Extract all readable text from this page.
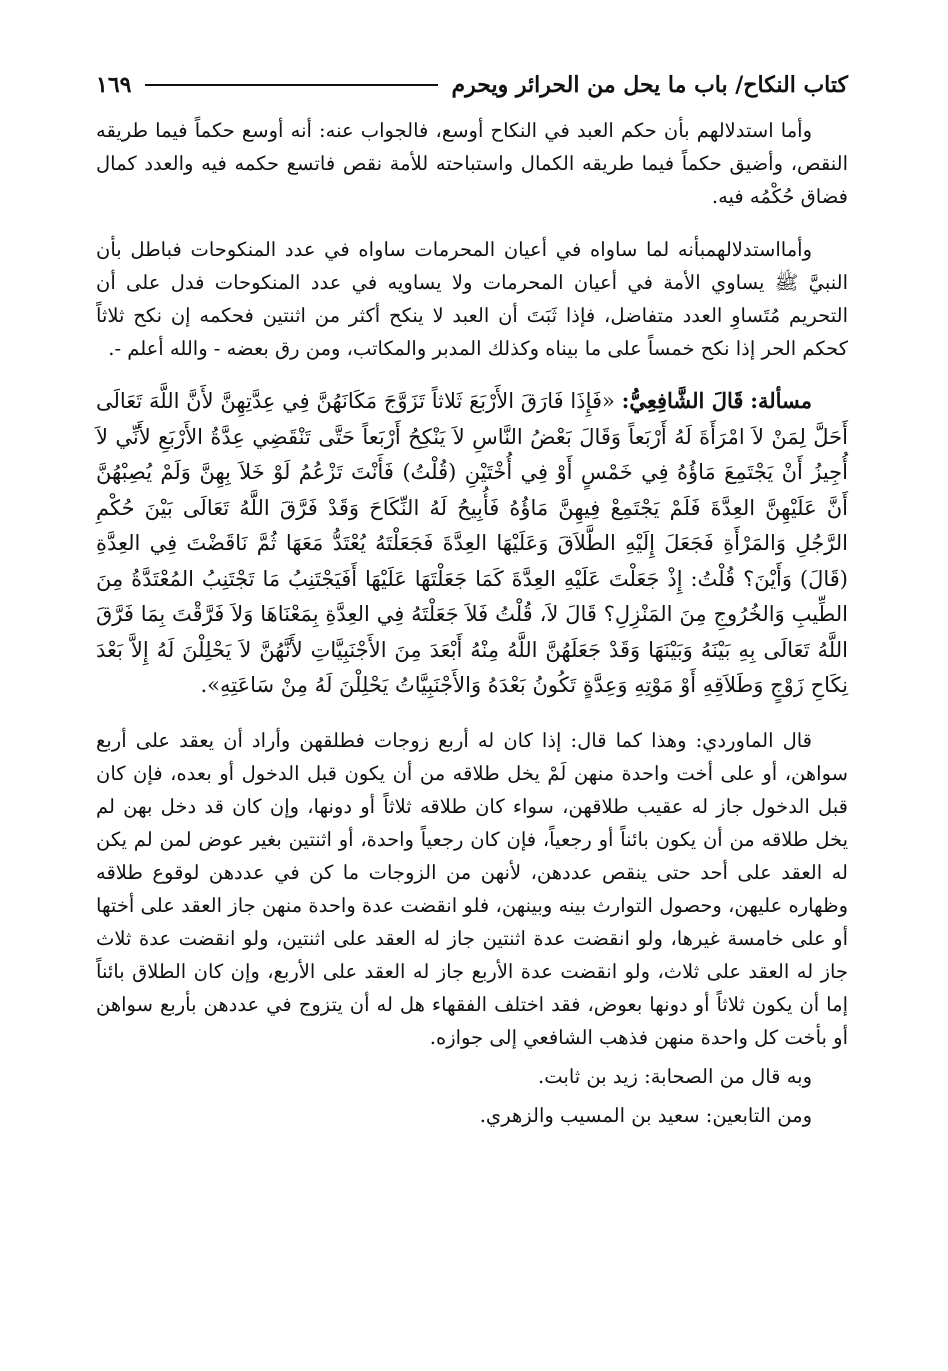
كتاب النكاح/ باب ما يحل من الحرائر ويحرم
١٦٩

وأما استدلالهم بأن حكم العبد في النكاح أوسع، فالجواب عنه: أنه أوسع حكماً فيما طريقه النقص، وأضيق حكماً فيما طريقه الكمال واستباحته للأمة نقص فاتسع حكمه فيه والعدد كمال فضاق حُكْمُه فيه.

وأمااستدلالهمبأنه لما ساواه في أعيان المحرمات ساواه في عدد المنكوحات فباطل بأن النبيَّ ﷺ يساوي الأمة في أعيان المحرمات ولا يساويه في عدد المنكوحات فدل على أن التحريم مُتَساوِ العدد متفاضل، فإذا ثَبَتَ أن العبد لا ينكح أكثر من اثنتين فحكمه إن نكح ثلاثاً كحكم الحر إذا نكح خمساً على ما بيناه وكذلك المدبر والمكاتب، ومن رق بعضه - والله أعلم -.

مسألة: قَالَ الشَّافِعِيُّ: «فَإِذَا فَارَقَ الأَرْبَعَ ثَلاثاً تَزَوَّجَ مَكَانَهُنَّ فِي عِدَّتِهِنَّ لأَنَّ اللَّهَ تَعَالَى أَحَلَّ لِمَنْ لاَ امْرَأَةَ لَهُ أَرْبَعاً وَقَالَ بَعْضُ النَّاسِ لاَ يَنْكِحُ أَرْبَعاً حَتَّى تَنْقَضِي عِدَّةُ الأَرْبَعِ لأَنِّي لاَ أُجِيزُ أَنْ يَجْتَمِعَ مَاؤُهُ فِي خَمْسٍ أَوْ فِي أُخْتَيْنِ (قُلْتُ) فَأَنْتَ تَزْعُمُ لَوْ خَلاَ بِهِنَّ وَلَمْ يُصِبْهُنَّ أَنَّ عَلَيْهِنَّ العِدَّةَ فَلَمْ يَجْتَمِعْ فِيهِنَّ مَاؤُهُ فَأُبِيحُ لَهُ النِّكَاحَ وَقَدْ فَرَّقَ اللَّهُ تَعَالَى بَيْنَ حُكْمِ الرَّجُلِ وَالمَرْأَةِ فَجَعَلَ إِلَيْهِ الطَّلاَقَ وَعَلَيْهَا العِدَّةَ فَجَعَلْتَهُ يُعْتَدُّ مَعَهَا ثُمَّ نَاقَضْتَ فِي العِدَّةِ (قَالَ) وَأَيْنَ؟ قُلْتُ: إِذْ جَعَلْتَ عَلَيْهِ العِدَّةَ كَمَا جَعَلْتَهَا عَلَيْهَا أَفَيَجْتَنِبُ مَا تَجْتَنِبُ المُعْتَدَّةُ مِنَ الطِّيبِ وَالخُرُوجِ مِنَ المَنْزِلِ؟ قَالَ لاَ، قُلْتُ فَلاَ جَعَلْتَهُ فِي العِدَّةِ بِمَعْنَاهَا وَلاَ فَرَّقْتَ بِمَا فَرَّقَ اللَّهُ تَعَالَى بِهِ بَيْنَهُ وَبَيْنَهَا وَقَدْ جَعَلَهُنَّ اللَّهُ مِنْهُ أَبْعَدَ مِنَ الأَجْنَبِيَّاتِ لأَنَّهُنَّ لاَ يَحْلِلْنَ لَهُ إِلاَّ بَعْدَ نِكَاحِ زَوْجٍ وَطَلاَقِهِ أَوْ مَوْتِهِ وَعِدَّةٍ تَكُونُ بَعْدَهُ وَالأَجْنَبِيَّاتُ يَحْلِلْنَ لَهُ مِنْ سَاعَتِهِ».

قال الماوردي: وهذا كما قال: إذا كان له أربع زوجات فطلقهن وأراد أن يعقد على أربع سواهن، أو على أخت واحدة منهن لَمْ يخل طلاقه من أن يكون قبل الدخول أو بعده، فإن كان قبل الدخول جاز له عقيب طلاقهن، سواء كان طلاقه ثلاثاً أو دونها، وإن كان قد دخل بهن لم يخل طلاقه من أن يكون بائناً أو رجعياً، فإن كان رجعياً واحدة، أو اثنتين بغير عوض لمن لم يكن له العقد على أحد حتى ينقص عددهن، لأنهن من الزوجات ما كن في عددهن لوقوع طلاقه وظهاره عليهن، وحصول التوارث بينه وبينهن، فلو انقضت عدة واحدة منهن جاز العقد على أختها أو على خامسة غيرها، ولو انقضت عدة اثنتين جاز له العقد على اثنتين، ولو انقضت عدة ثلاث جاز له العقد على ثلاث، ولو انقضت عدة الأربع جاز له العقد على الأربع، وإن كان الطلاق بائناً إما أن يكون ثلاثاً أو دونها بعوض، فقد اختلف الفقهاء هل له أن يتزوج في عددهن بأربع سواهن أو بأخت كل واحدة منهن فذهب الشافعي إلى جوازه.

وبه قال من الصحابة: زيد بن ثابت.

ومن التابعين: سعيد بن المسيب والزهري.
